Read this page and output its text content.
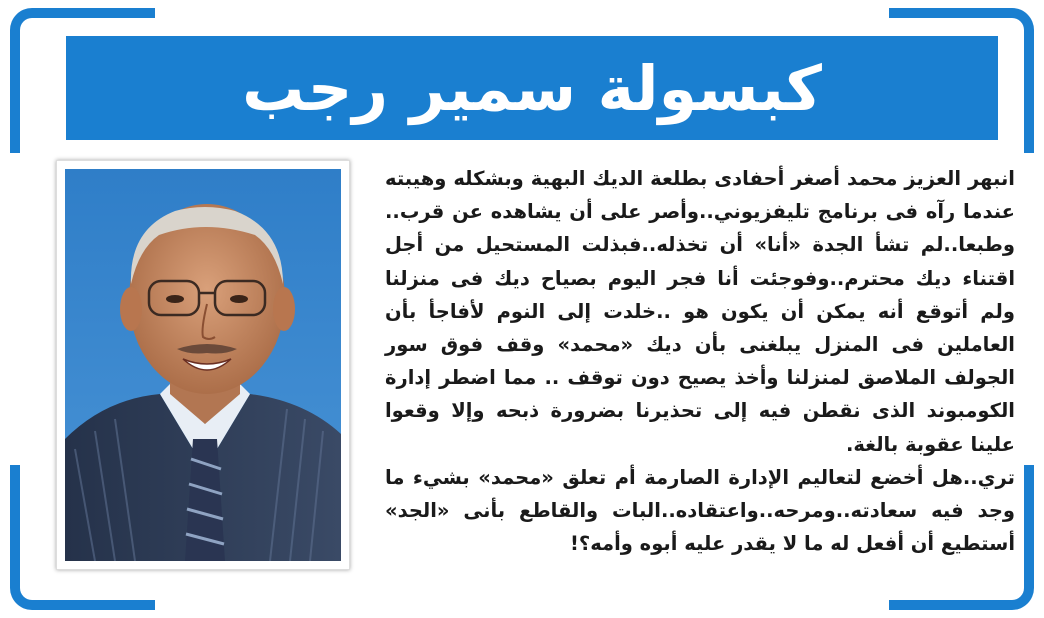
كبسولة سمير رجب

انبهر العزيز محمد أصغر أحفادى بطلعة الديك البهية وبشكله وهيبته عندما رآه فى برنامج تليفزيوني..وأصر على أن يشاهده عن قرب.. وطبعا..لم تشأ الجدة «أنا» أن تخذله..فبذلت المستحيل من أجل اقتناء ديك محترم..وفوجئت أنا فجر اليوم بصياح ديك فى منزلنا ولم أتوقع أنه يمكن أن يكون هو ..خلدت إلى النوم لأفاجأ بأن العاملين فى المنزل يبلغنى بأن ديك «محمد» وقف فوق سور الجولف الملاصق لمنزلنا وأخذ يصيح دون توقف .. مما اضطر إدارة الكومبوند الذى نقطن فيه إلى تحذيرنا بضرورة ذبحه وإلا وقعوا علينا عقوبة بالغة.

تري..هل أخضع لتعاليم الإدارة الصارمة أم تعلق «محمد» بشيء ما وجد فيه سعادته..ومرحه..واعتقاده..البات والقاطع بأنى «الجد» أستطيع أن أفعل له ما لا يقدر عليه أبوه وأمه؟!
